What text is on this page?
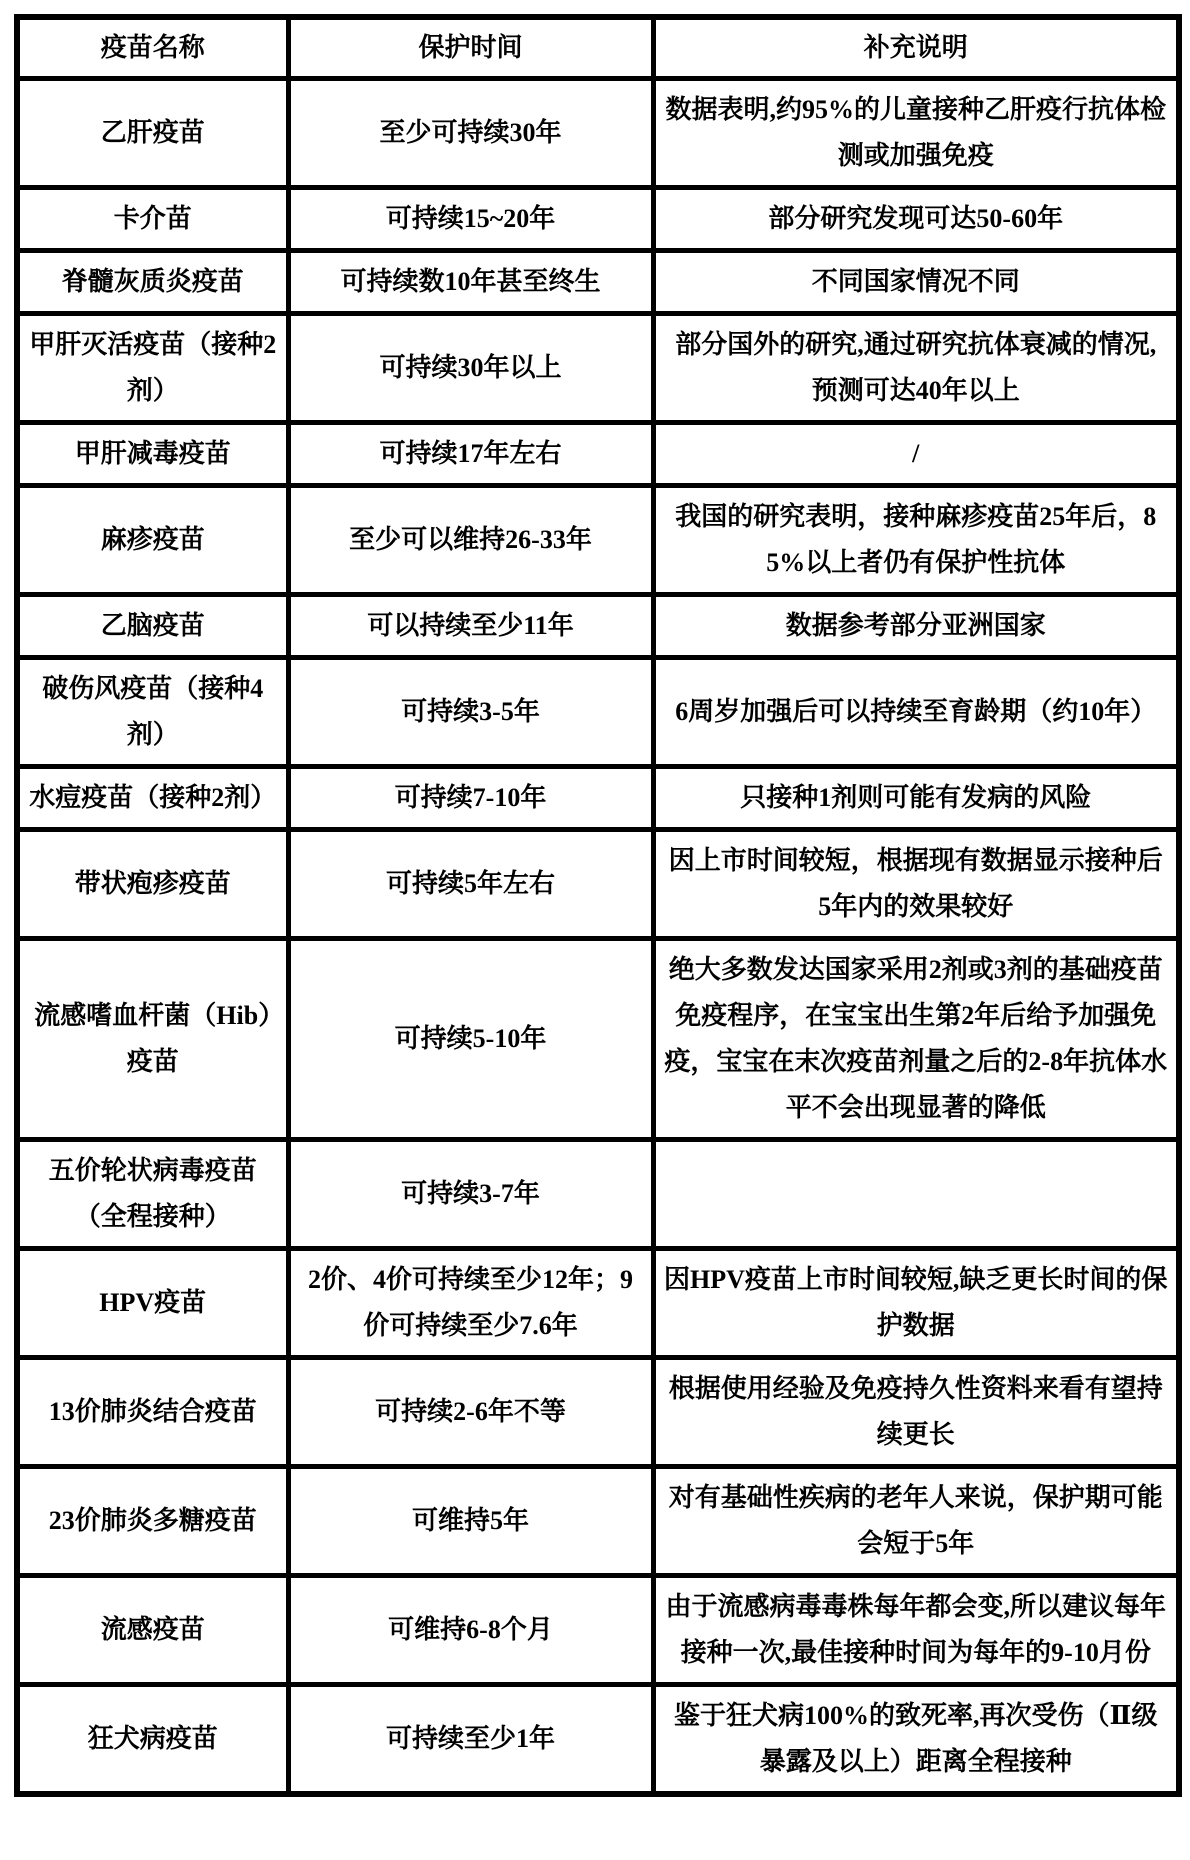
疫苗名称	保护时间	补充说明
乙肝疫苗	至少可持续30年	数据表明,约95%的儿童接种乙肝疫行抗体检测或加强免疫
卡介苗	可持续15~20年	部分研究发现可达50-60年
脊髓灰质炎疫苗	可持续数10年甚至终生	不同国家情况不同
甲肝灭活疫苗（接种2剂）	可持续30年以上	部分国外的研究,通过研究抗体衰减的情况,预测可达40年以上
甲肝减毒疫苗	可持续17年左右	/
麻疹疫苗	至少可以维持26-33年	我国的研究表明，接种麻疹疫苗25年后，85%以上者仍有保护性抗体
乙脑疫苗	可以持续至少11年	数据参考部分亚洲国家
破伤风疫苗（接种4剂）	可持续3-5年	6周岁加强后可以持续至育龄期（约10年）
水痘疫苗（接种2剂）	可持续7-10年	只接种1剂则可能有发病的风险
带状疱疹疫苗	可持续5年左右	因上市时间较短，根据现有数据显示接种后5年内的效果较好
流感嗜血杆菌（Hib）疫苗	可持续5-10年	绝大多数发达国家采用2剂或3剂的基础疫苗免疫程序，在宝宝出生第2年后给予加强免疫，宝宝在末次疫苗剂量之后的2-8年抗体水平不会出现显著的降低
五价轮状病毒疫苗（全程接种）	可持续3-7年	
HPV疫苗	2价、4价可持续至少12年；9价可持续至少7.6年	因HPV疫苗上市时间较短,缺乏更长时间的保护数据
13价肺炎结合疫苗	可持续2-6年不等	根据使用经验及免疫持久性资料来看有望持续更长
23价肺炎多糖疫苗	可维持5年	对有基础性疾病的老年人来说，保护期可能会短于5年
流感疫苗	可维持6-8个月	由于流感病毒毒株每年都会变,所以建议每年接种一次,最佳接种时间为每年的9-10月份
狂犬病疫苗	可持续至少1年	鉴于狂犬病100%的致死率,再次受伤（Ⅱ级暴露及以上）距离全程接种
